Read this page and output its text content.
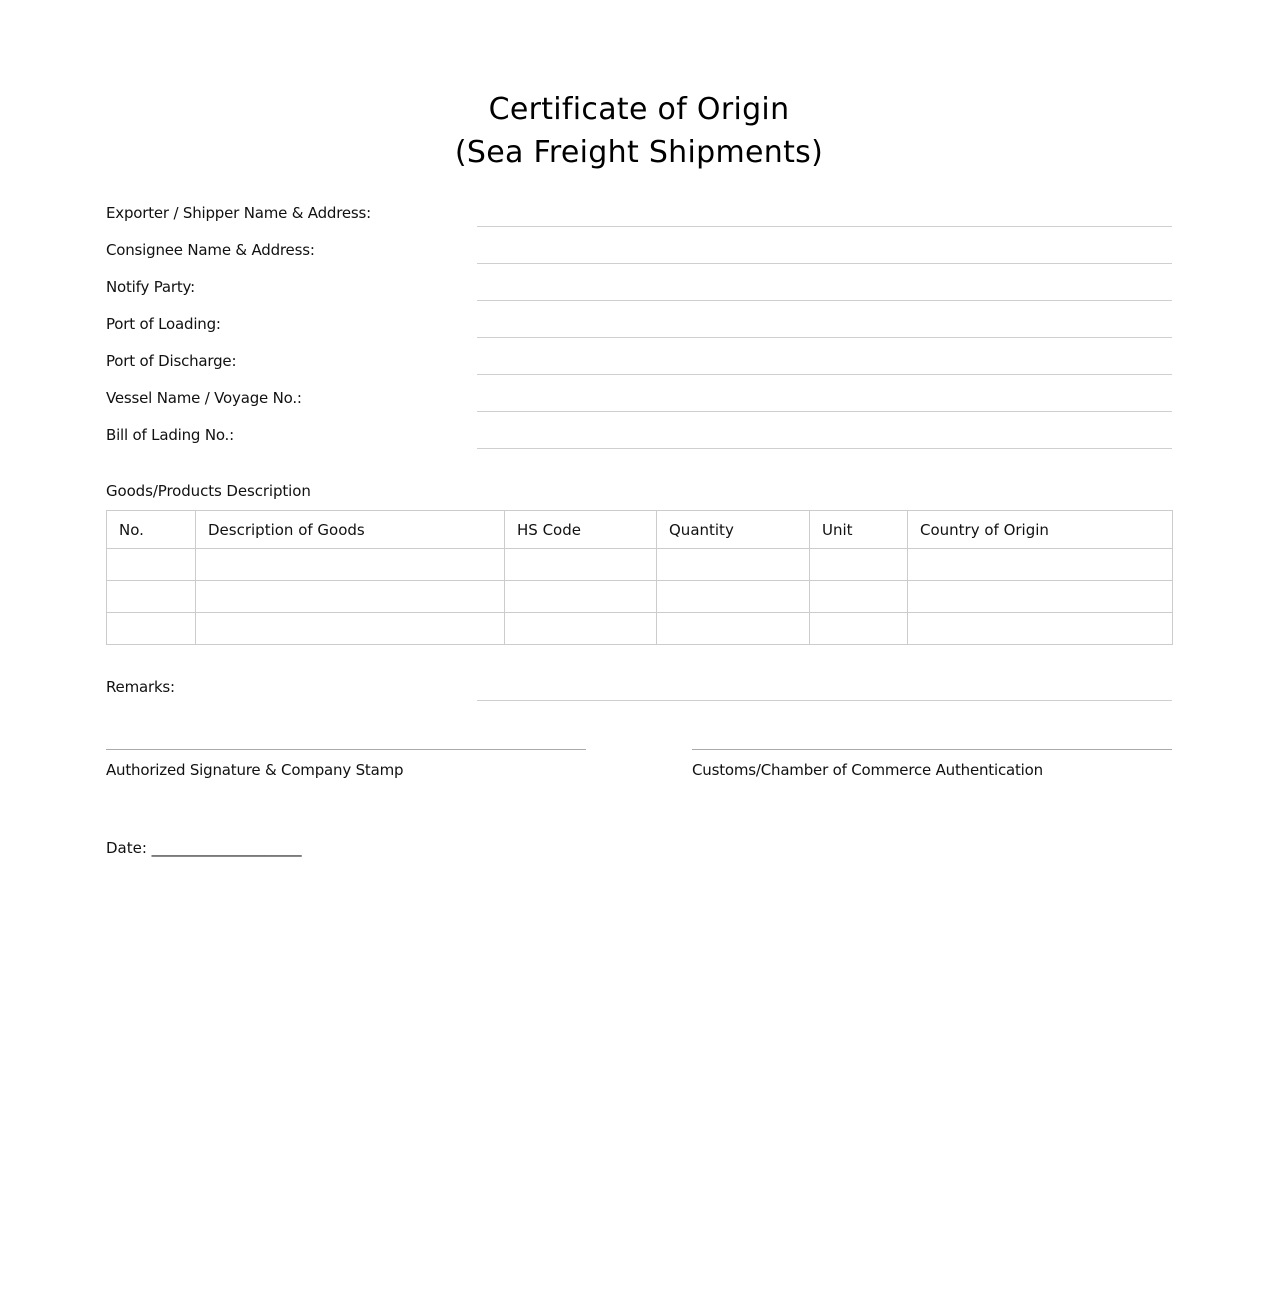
Certificate of Origin
(Sea Freight Shipments)
Exporter / Shipper Name & Address:
Consignee Name & Address:
Notify Party:
Port of Loading:
Port of Discharge:
Vessel Name / Voyage No.:
Bill of Lading No.:
Goods/Products Description
No.	Description of Goods	HS Code	Quantity	Unit	Country of Origin

Remarks:
Authorized Signature & Company Stamp	Customs/Chamber of Commerce Authentication
Date: ____________________
